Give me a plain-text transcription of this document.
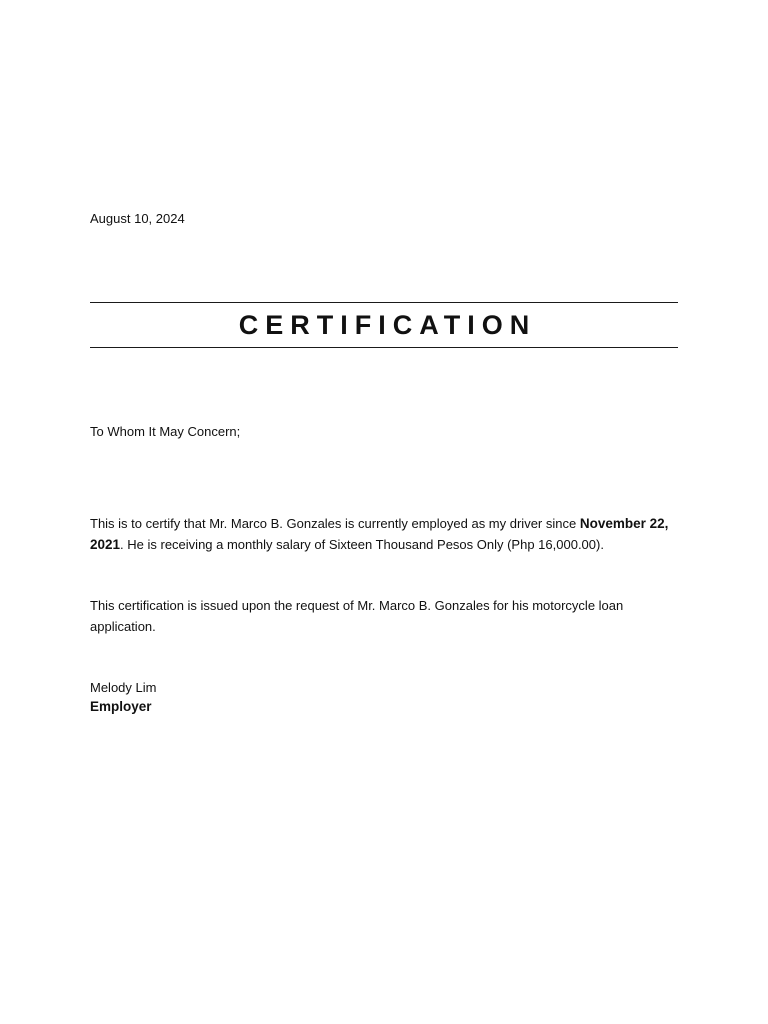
August 10, 2024
CERTIFICATION
To Whom It May Concern;

This is to certify that Mr. Marco B. Gonzales is currently employed as my driver since November 22, 2021. He is receiving a monthly salary of Sixteen Thousand Pesos Only (Php 16,000.00).

This certification is issued upon the request of Mr. Marco B. Gonzales for his motorcycle loan application.

Melody Lim
Employer
